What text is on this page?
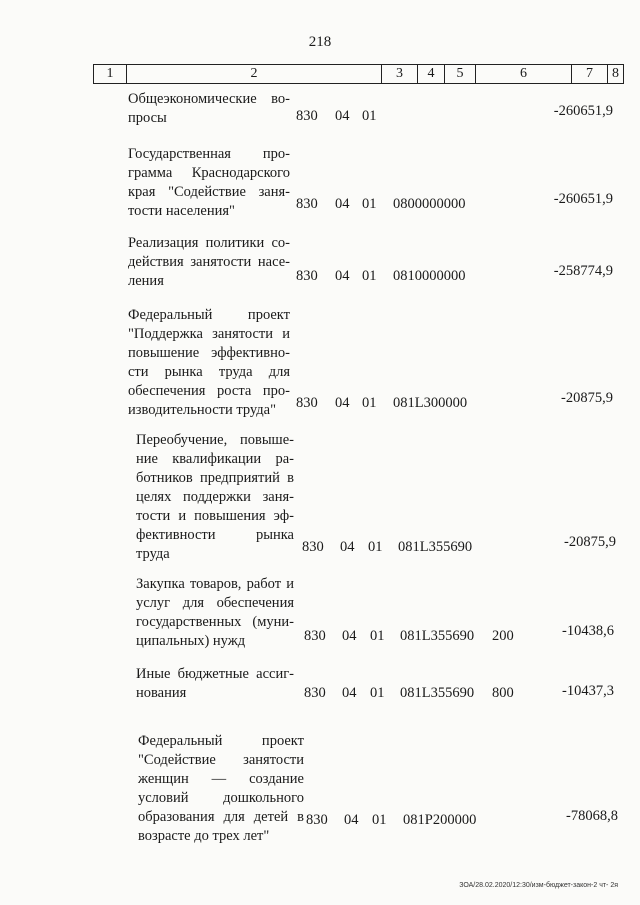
218
1	2	3	4	5	6	7	8
Общеэкономические во-
просы	830 04 01	-260651,9
Государственная про-
грамма Краснодарского
края "Содействие заня-
тости населения"	830 04 01 0800000000	-260651,9
Реализация политики со-
действия занятости насе-
ления	830 04 01 0810000000	-258774,9
Федеральный проект
"Поддержка занятости и
повышение эффективно-
сти рынка труда для
обеспечения роста про-
изводительности труда"	830 04 01 081L300000	-20875,9
Переобучение, повыше-
ние квалификации ра-
ботников предприятий в
целях поддержки заня-
тости и повышения эф-
фективности рынка
труда	830 04 01 081L355690	-20875,9
Закупка товаров, работ и
услуг для обеспечения
государственных (муни-
ципальных) нужд	830 04 01 081L355690 200	-10438,6
Иные бюджетные ассиг-
нования	830 04 01 081L355690 800	-10437,3
Федеральный проект
"Содействие занятости
женщин — создание
условий дошкольного
образования для детей в
возрасте до трех лет"
830 04 01 081P200000	-78068,8
ЗОА/28.02.2020/12:30/изм-бюджет-закон-2 чт- 2я
